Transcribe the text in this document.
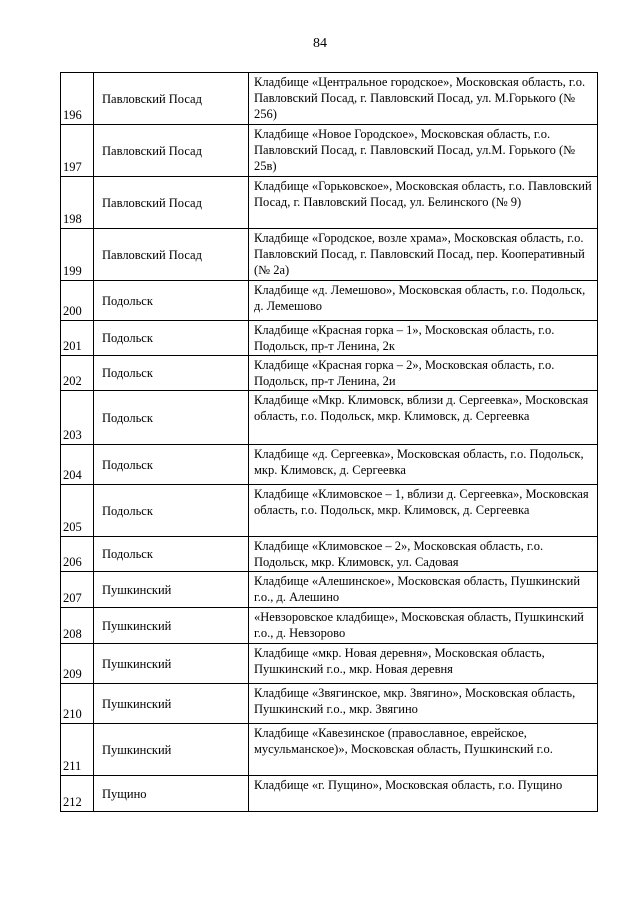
84
196	Павловский Посад	Кладбище «Центральное городское», Московская область, г.о. Павловский Посад, г. Павловский Посад, ул. М.Горького (№ 256)
197	Павловский Посад	Кладбище «Новое Городское», Московская область, г.о. Павловский Посад, г. Павловский Посад, ул.М. Горького (№ 25в)
198	Павловский Посад	Кладбище «Горьковское», Московская область, г.о. Павловский Посад, г. Павловский Посад, ул. Белинского (№ 9)
199	Павловский Посад	Кладбище «Городское, возле храма», Московская область, г.о. Павловский Посад, г. Павловский Посад, пер. Кооперативный (№ 2а)
200	Подольск	Кладбище «д. Лемешово», Московская область, г.о. Подольск, д. Лемешово
201	Подольск	Кладбище «Красная горка – 1», Московская область, г.о. Подольск, пр-т Ленина, 2к
202	Подольск	Кладбище «Красная горка – 2», Московская область, г.о. Подольск, пр-т Ленина, 2и
203	Подольск	Кладбище «Мкр. Климовск, вблизи д. Сергеевка», Московская область, г.о. Подольск, мкр. Климовск, д. Сергеевка
204	Подольск	Кладбище «д. Сергеевка», Московская область, г.о. Подольск, мкр. Климовск, д. Сергеевка
205	Подольск	Кладбище «Климовское – 1, вблизи д. Сергеевка», Московская область, г.о. Подольск, мкр. Климовск, д. Сергеевка
206	Подольск	Кладбище «Климовское – 2», Московская область, г.о. Подольск, мкр. Климовск, ул. Садовая
207	Пушкинский	Кладбище «Алешинское», Московская область, Пушкинский г.о., д. Алешино
208	Пушкинский	«Невзоровское кладбище», Московская область, Пушкинский г.о., д. Невзорово
209	Пушкинский	Кладбище «мкр. Новая деревня», Московская область, Пушкинский г.о., мкр. Новая деревня
210	Пушкинский	Кладбище «Звягинское, мкр. Звягино», Московская область, Пушкинский г.о., мкр. Звягино
211	Пушкинский	Кладбище «Кавезинское (православное, еврейское, мусульманское)», Московская область, Пушкинский г.о.
212	Пущино	Кладбище «г. Пущино», Московская область, г.о. Пущино
